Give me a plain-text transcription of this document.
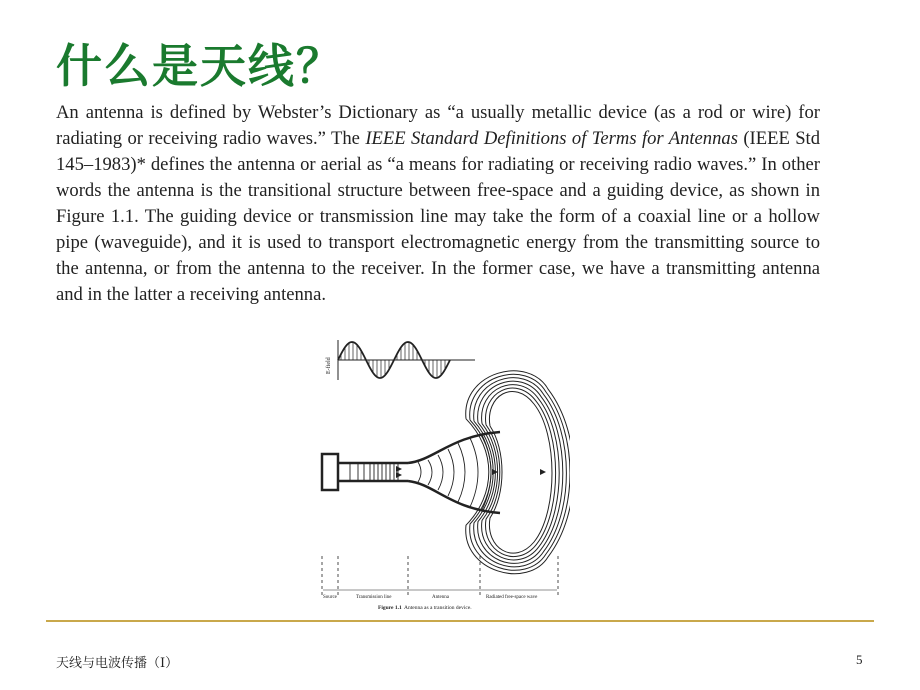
什么是天线？

An antenna is defined by Webster’s Dictionary as “a usually metallic device (as a rod or wire) for radiating or receiving radio waves.” The IEEE Standard Definitions of Terms for Antennas (IEEE Std 145–1983)* defines the antenna or aerial as “a means for radiating or receiving radio waves.” In other words the antenna is the transitional structure between free-space and a guiding device, as shown in Figure 1.1. The guiding device or transmission line may take the form of a coaxial line or a hollow pipe (waveguide), and it is used to transport electromagnetic energy from the transmitting source to the antenna, or from the antenna to the receiver. In the former case, we have a transmitting antenna and in the latter a receiving antenna.

E-field
Source	Transmission line	Antenna	Radiated free-space wave
Figure 1.1 Antenna as a transition device.
天线与电波传播（I）	5
